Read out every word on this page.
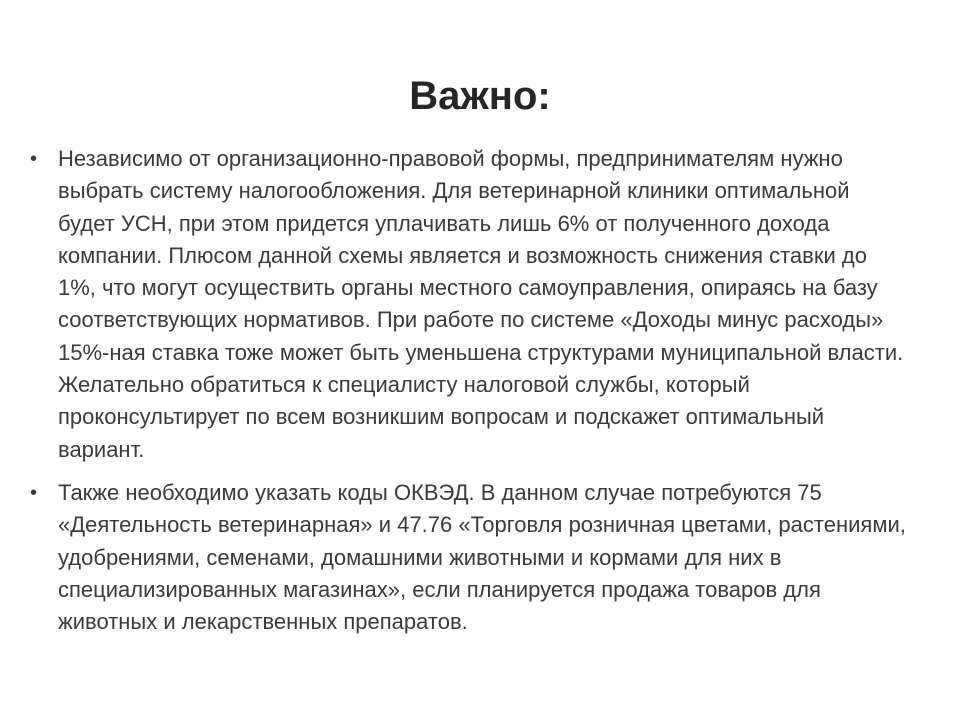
Важно:
• Независимо от организационно-правовой формы, предпринимателям нужно выбрать систему налогообложения. Для ветеринарной клиники оптимальной будет УСН, при этом придется уплачивать лишь 6% от полученного дохода компании. Плюсом данной схемы является и возможность снижения ставки до 1%, что могут осуществить органы местного самоуправления, опираясь на базу соответствующих нормативов. При работе по системе «Доходы минус расходы» 15%-ная ставка тоже может быть уменьшена структурами муниципальной власти. Желательно обратиться к специалисту налоговой службы, который проконсультирует по всем возникшим вопросам и подскажет оптимальный вариант.
• Также необходимо указать коды ОКВЭД. В данном случае потребуются 75 «Деятельность ветеринарная» и 47.76 «Торговля розничная цветами, растениями, удобрениями, семенами, домашними животными и кормами для них в специализированных магазинах», если планируется продажа товаров для животных и лекарственных препаратов.
